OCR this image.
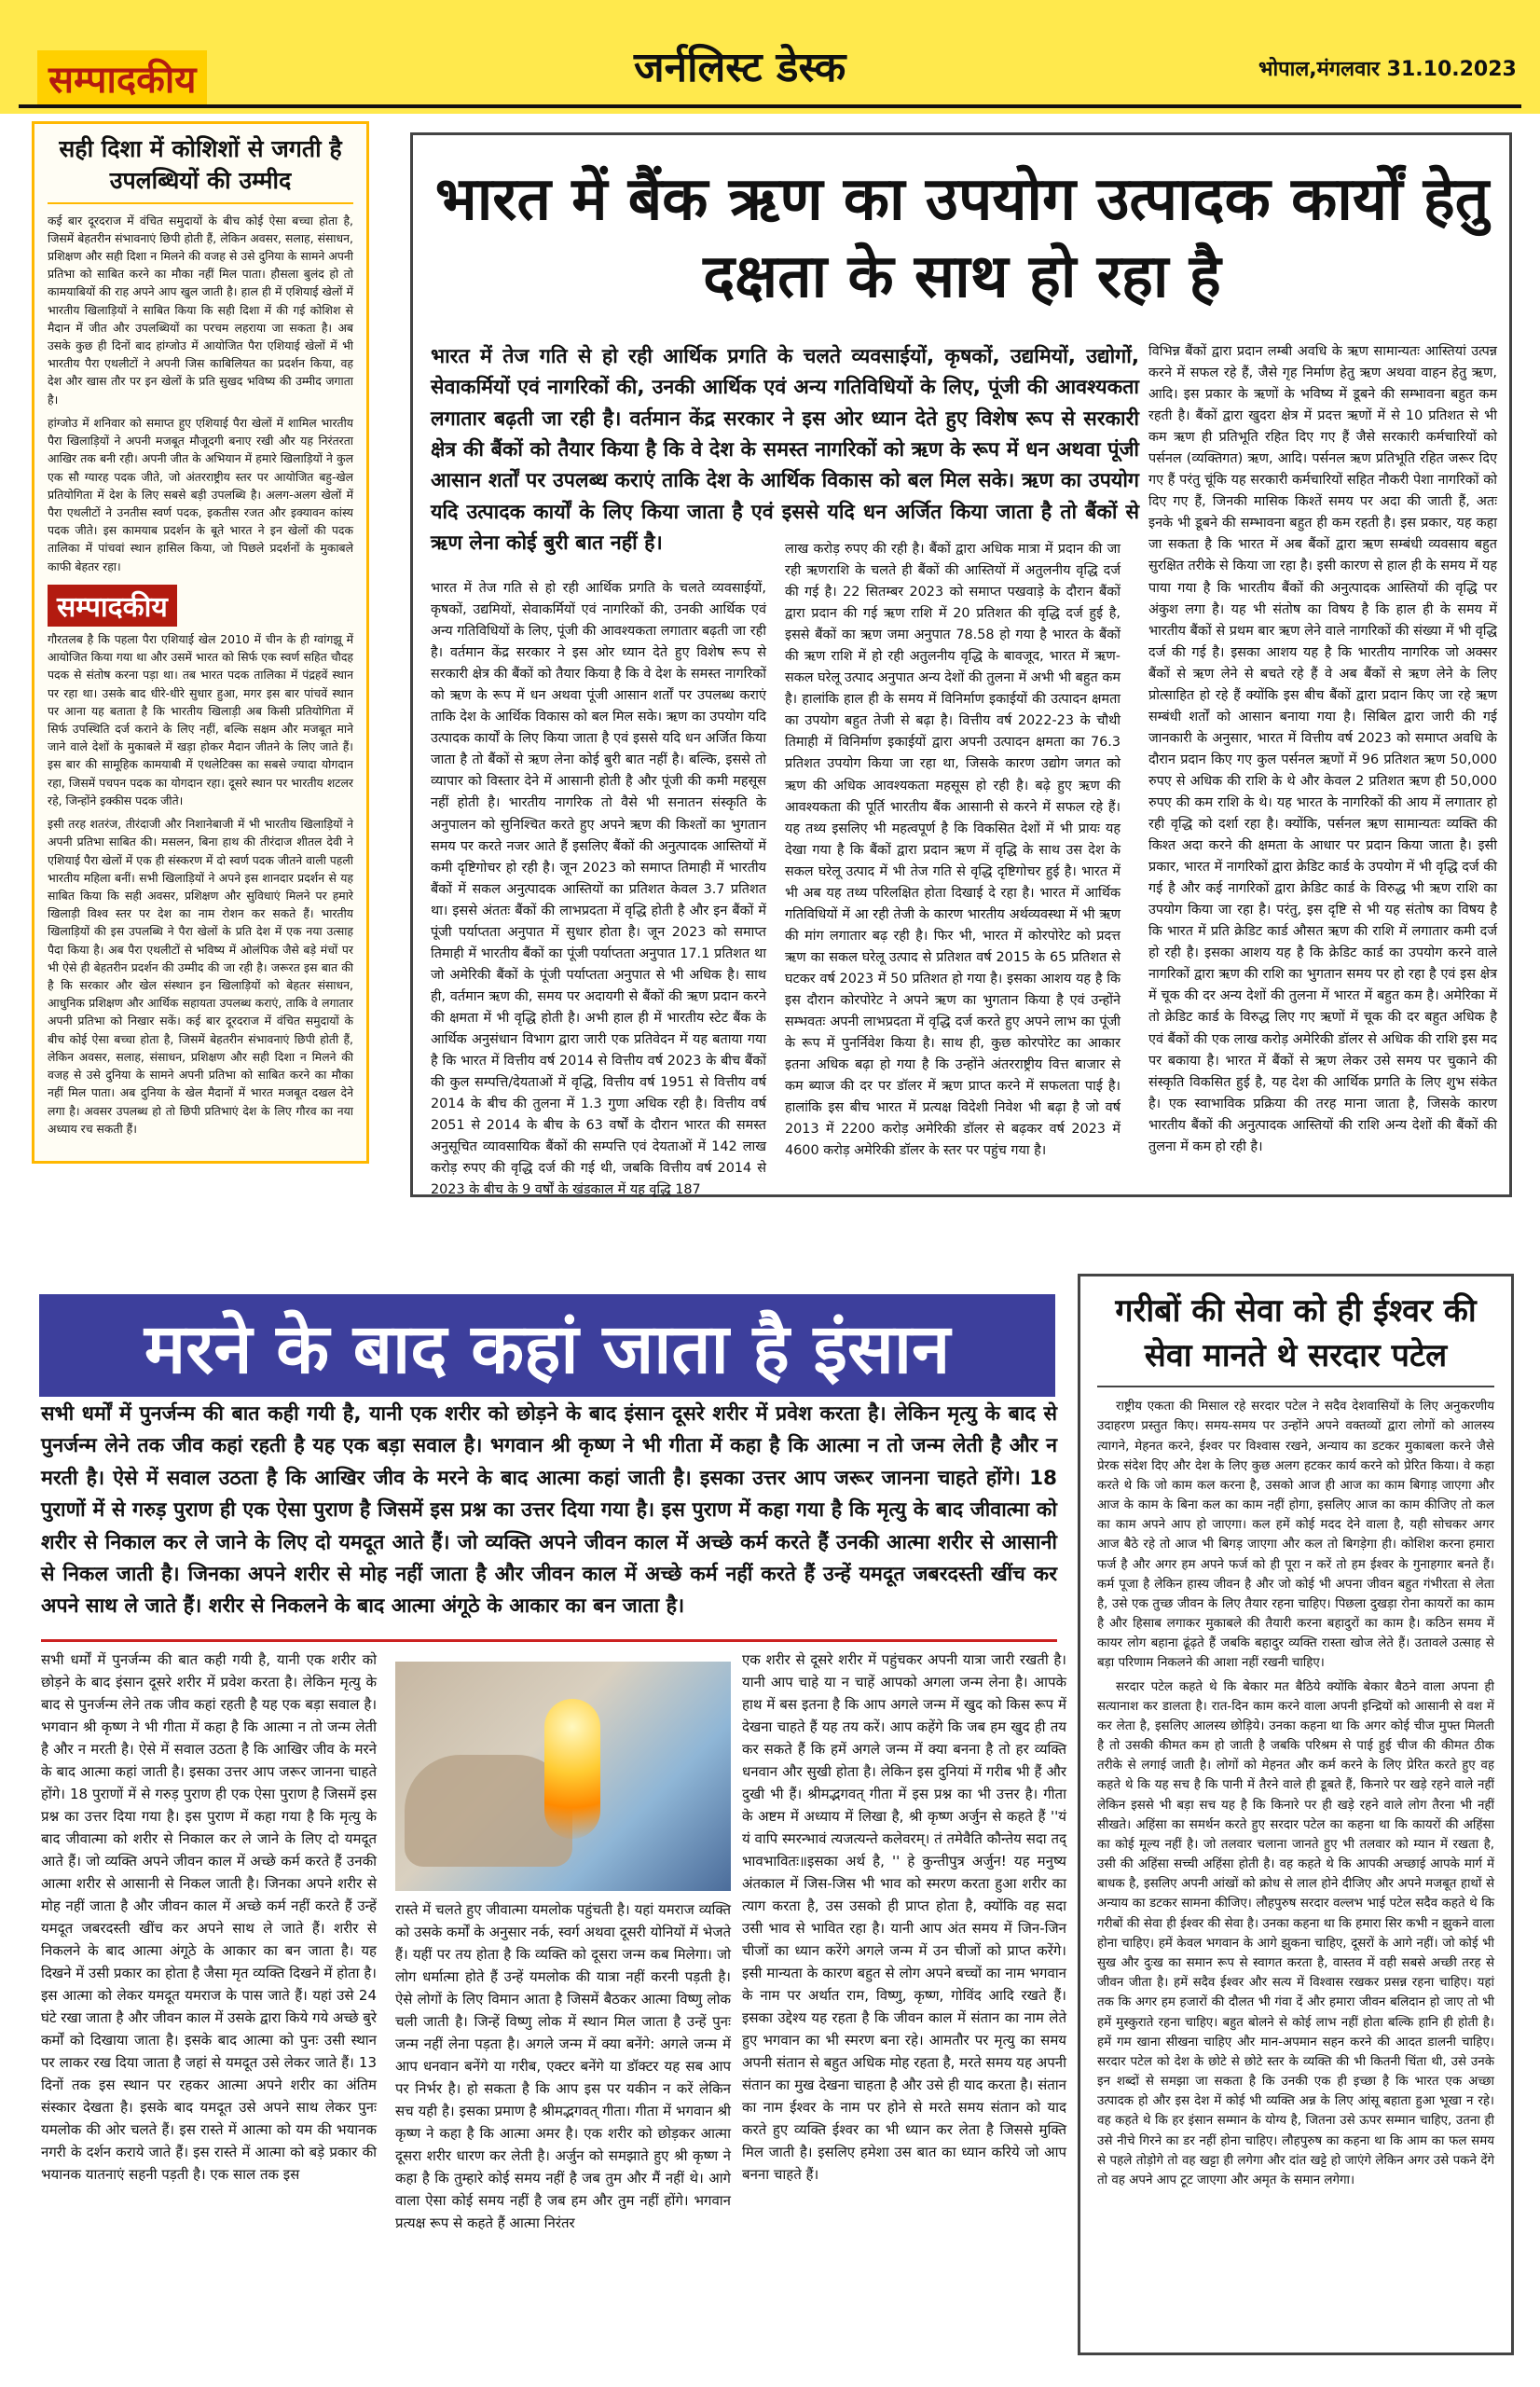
सम्पादकीय	जर्नलिस्ट डेस्क	भोपाल,मंगलवार 31.10.2023
सही दिशा में कोशिशों से जगती है उपलब्धियों की उम्मीद

कई बार दूरदराज में वंचित समुदायों के बीच कोई ऐसा बच्चा होता है, जिसमें बेहतरीन संभावनाएं छिपी होती हैं, लेकिन अवसर, सलाह, संसाधन, प्रशिक्षण और सही दिशा न मिलने की वजह से उसे दुनिया के सामने अपनी प्रतिभा को साबित करने का मौका नहीं मिल पाता। हौसला बुलंद हो तो कामयाबियों की राह अपने आप खुल जाती है। हाल ही में एशियाई खेलों में भारतीय खिलाड़ियों ने साबित किया कि सही दिशा में की गई कोशिश से मैदान में जीत और उपलब्धियों का परचम लहराया जा सकता है। अब उसके कुछ ही दिनों बाद हांग्जोउ में आयोजित पैरा एशियाई खेलों में भी भारतीय पैरा एथलीटों ने अपनी जिस काबिलियत का प्रदर्शन किया, वह देश और खास तौर पर इन खेलों के प्रति सुखद भविष्य की उम्मीद जगाता है।

हांग्जोउ में शनिवार को समाप्त हुए एशियाई पैरा खेलों में शामिल भारतीय पैरा खिलाड़ियों ने अपनी मजबूत मौजूदगी बनाए रखी और यह निरंतरता आखिर तक बनी रही। अपनी जीत के अभियान में हमारे खिलाड़ियों ने कुल एक सौ ग्यारह पदक जीते, जो अंतरराष्ट्रीय स्तर पर आयोजित बहु-खेल प्रतियोगिता में देश के लिए सबसे बड़ी उपलब्धि है। अलग-अलग खेलों में पैरा एथलीटों ने उनतीस स्वर्ण पदक, इकतीस रजत और इक्यावन कांस्य पदक जीते। इस कामयाब प्रदर्शन के बूते भारत ने इन खेलों की पदक तालिका में पांचवां स्थान हासिल किया, जो पिछले प्रदर्शनों के मुकाबले काफी बेहतर रहा।

सम्पादकीय

गौरतलब है कि पहला पैरा एशियाई खेल 2010 में चीन के ही ग्वांगझू में आयोजित किया गया था और उसमें भारत को सिर्फ एक स्वर्ण सहित चौदह पदक से संतोष करना पड़ा था। तब भारत पदक तालिका में पंद्रहवें स्थान पर रहा था। उसके बाद धीरे-धीरे सुधार हुआ, मगर इस बार पांचवें स्थान पर आना यह बताता है कि भारतीय खिलाड़ी अब किसी प्रतियोगिता में सिर्फ उपस्थिति दर्ज कराने के लिए नहीं, बल्कि सक्षम और मजबूत माने जाने वाले देशों के मुकाबले में खड़ा होकर मैदान जीतने के लिए जाते हैं। इस बार की सामूहिक कामयाबी में एथलेटिक्स का सबसे ज्यादा योगदान रहा, जिसमें पचपन पदक का योगदान रहा। दूसरे स्थान पर भारतीय शटलर रहे, जिन्होंने इक्कीस पदक जीते।

इसी तरह शतरंज, तीरंदाजी और निशानेबाजी में भी भारतीय खिलाड़ियों ने अपनी प्रतिभा साबित की। मसलन, बिना हाथ की तीरंदाज शीतल देवी ने एशियाई पैरा खेलों में एक ही संस्करण में दो स्वर्ण पदक जीतने वाली पहली भारतीय महिला बनीं। सभी खिलाड़ियों ने अपने इस शानदार प्रदर्शन से यह साबित किया कि सही अवसर, प्रशिक्षण और सुविधाएं मिलने पर हमारे खिलाड़ी विश्व स्तर पर देश का नाम रोशन कर सकते हैं। भारतीय खिलाड़ियों की इस उपलब्धि ने पैरा खेलों के प्रति देश में एक नया उत्साह पैदा किया है। अब पैरा एथलीटों से भविष्य में ओलंपिक जैसे बड़े मंचों पर भी ऐसे ही बेहतरीन प्रदर्शन की उम्मीद की जा रही है। जरूरत इस बात की है कि सरकार और खेल संस्थान इन खिलाड़ियों को बेहतर संसाधन, आधुनिक प्रशिक्षण और आर्थिक सहायता उपलब्ध कराएं, ताकि वे लगातार अपनी प्रतिभा को निखार सकें। कई बार दूरदराज में वंचित समुदायों के बीच कोई ऐसा बच्चा होता है, जिसमें बेहतरीन संभावनाएं छिपी होती हैं, लेकिन अवसर, सलाह, संसाधन, प्रशिक्षण और सही दिशा न मिलने की वजह से उसे दुनिया के सामने अपनी प्रतिभा को साबित करने का मौका नहीं मिल पाता। अब दुनिया के खेल मैदानों में भारत मजबूत दखल देने लगा है। अवसर उपलब्ध हो तो छिपी प्रतिभाएं देश के लिए गौरव का नया अध्याय रच सकती हैं।

भारत में बैंक ऋण का उपयोग उत्पादक कार्यों हेतु दक्षता के साथ हो रहा है
भारत में तेज गति से हो रही आर्थिक प्रगति के चलते व्यवसाईयों, कृषकों, उद्यमियों, उद्योगों, सेवाकर्मियों एवं नागरिकों की, उनकी आर्थिक एवं अन्य गतिविधियों के लिए, पूंजी की आवश्यकता लगातार बढ़ती जा रही है। वर्तमान केंद्र सरकार ने इस ओर ध्यान देते हुए विशेष रूप से सरकारी क्षेत्र की बैंकों को तैयार किया है कि वे देश के समस्त नागरिकों को ऋण के रूप में धन अथवा पूंजी आसान शर्तों पर उपलब्ध कराएं ताकि देश के आर्थिक विकास को बल मिल सके। ऋण का उपयोग यदि उत्पादक कार्यों के लिए किया जाता है एवं इससे यदि धन अर्जित किया जाता है तो बैंकों से ऋण लेना कोई बुरी बात नहीं है।
भारत में तेज गति से हो रही आर्थिक प्रगति के चलते व्यवसाईयों, कृषकों, उद्यमियों, सेवाकर्मियों एवं नागरिकों की, उनकी आर्थिक एवं अन्य गतिविधियों के लिए, पूंजी की आवश्यकता लगातार बढ़ती जा रही है। वर्तमान केंद्र सरकार ने इस ओर ध्यान देते हुए विशेष रूप से सरकारी क्षेत्र की बैंकों को तैयार किया है कि वे देश के समस्त नागरिकों को ऋण के रूप में धन अथवा पूंजी आसान शर्तों पर उपलब्ध कराएं ताकि देश के आर्थिक विकास को बल मिल सके। ऋण का उपयोग यदि उत्पादक कार्यों के लिए किया जाता है एवं इससे यदि धन अर्जित किया जाता है तो बैंकों से ऋण लेना कोई बुरी बात नहीं है। बल्कि, इससे तो व्यापार को विस्तार देने में आसानी होती है और पूंजी की कमी महसूस नहीं होती है। भारतीय नागरिक तो वैसे भी सनातन संस्कृति के अनुपालन को सुनिश्चित करते हुए अपने ऋण की किश्तों का भुगतान समय पर करते नजर आते हैं इसलिए बैंकों की अनुत्पादक आस्तियों में कमी दृष्टिगोचर हो रही है। जून 2023 को समाप्त तिमाही में भारतीय बैंकों में सकल अनुत्पादक आस्तियों का प्रतिशत केवल 3.7 प्रतिशत था। इससे अंततः बैंकों की लाभप्रदता में वृद्धि होती है और इन बैंकों में पूंजी पर्याप्तता अनुपात में सुधार होता है। जून 2023 को समाप्त तिमाही में भारतीय बैंकों का पूंजी पर्याप्तता अनुपात 17.1 प्रतिशत था जो अमेरिकी बैंकों के पूंजी पर्याप्तता अनुपात से भी अधिक है। साथ ही, वर्तमान ऋण की, समय पर अदायगी से बैंकों की ऋण प्रदान करने की क्षमता में भी वृद्धि होती है। अभी हाल ही में भारतीय स्टेट बैंक के आर्थिक अनुसंधान विभाग द्वारा जारी एक प्रतिवेदन में यह बताया गया है कि भारत में वित्तीय वर्ष 2014 से वित्तीय वर्ष 2023 के बीच बैंकों की कुल सम्पत्ति/देयताओं में वृद्धि, वित्तीय वर्ष 1951 से वित्तीय वर्ष 2014 के बीच की तुलना में 1.3 गुणा अधिक रही है। वित्तीय वर्ष 2051 से 2014 के बीच के 63 वर्षों के दौरान भारत की समस्त अनुसूचित व्यावसायिक बैंकों की सम्पत्ति एवं देयताओं में 142 लाख करोड़ रुपए की वृद्धि दर्ज की गई थी, जबकि वित्तीय वर्ष 2014 से 2023 के बीच के 9 वर्षों के खंडकाल में यह वृद्धि 187
लाख करोड़ रुपए की रही है। बैंकों द्वारा अधिक मात्रा में प्रदान की जा रही ऋणराशि के चलते ही बैंकों की आस्तियों में अतुलनीय वृद्धि दर्ज की गई है। 22 सितम्बर 2023 को समाप्त पखवाड़े के दौरान बैंकों द्वारा प्रदान की गई ऋण राशि में 20 प्रतिशत की वृद्धि दर्ज हुई है, इससे बैंकों का ऋण जमा अनुपात 78.58 हो गया है भारत के बैंकों की ऋण राशि में हो रही अतुलनीय वृद्धि के बावजूद, भारत में ऋण-सकल घरेलू उत्पाद अनुपात अन्य देशों की तुलना में अभी भी बहुत कम है। हालांकि हाल ही के समय में विनिर्माण इकाईयों की उत्पादन क्षमता का उपयोग बहुत तेजी से बढ़ा है। वित्तीय वर्ष 2022-23 के चौथी तिमाही में विनिर्माण इकाईयों द्वारा अपनी उत्पादन क्षमता का 76.3 प्रतिशत उपयोग किया जा रहा था, जिसके कारण उद्योग जगत को ऋण की अधिक आवश्यकता महसूस हो रही है। बढ़े हुए ऋण की आवश्यकता की पूर्ति भारतीय बैंक आसानी से करने में सफल रहे हैं। यह तथ्य इसलिए भी महत्वपूर्ण है कि विकसित देशों में भी प्रायः यह देखा गया है कि बैंकों द्वारा प्रदान ऋण में वृद्धि के साथ उस देश के सकल घरेलू उत्पाद में भी तेज गति से वृद्धि दृष्टिगोचर हुई है। भारत में भी अब यह तथ्य परिलक्षित होता दिखाई दे रहा है। भारत में आर्थिक गतिविधियों में आ रही तेजी के कारण भारतीय अर्थव्यवस्था में भी ऋण की मांग लगातार बढ़ रही है। फिर भी, भारत में कोरपोरेट को प्रदत्त ऋण का सकल घरेलू उत्पाद से प्रतिशत वर्ष 2015 के 65 प्रतिशत से घटकर वर्ष 2023 में 50 प्रतिशत हो गया है। इसका आशय यह है कि इस दौरान कोरपोरेट ने अपने ऋण का भुगतान किया है एवं उन्होंने सम्भवतः अपनी लाभप्रदता में वृद्धि दर्ज करते हुए अपने लाभ का पूंजी के रूप में पुनर्निवेश किया है। साथ ही, कुछ कोरपोरेट का आकार इतना अधिक बढ़ा हो गया है कि उन्होंने अंतरराष्ट्रीय वित्त बाजार से कम ब्याज की दर पर डॉलर में ऋण प्राप्त करने में सफलता पाई है। हालांकि इस बीच भारत में प्रत्यक्ष विदेशी निवेश भी बढ़ा है जो वर्ष 2013 में 2200 करोड़ अमेरिकी डॉलर से बढ़कर वर्ष 2023 में 4600 करोड़ अमेरिकी डॉलर के स्तर पर पहुंच गया है।
विभिन्न बैंकों द्वारा प्रदान लम्बी अवधि के ऋण सामान्यतः आस्तियां उत्पन्न करने में सफल रहे हैं, जैसे गृह निर्माण हेतु ऋण अथवा वाहन हेतु ऋण, आदि। इस प्रकार के ऋणों के भविष्य में डूबने की सम्भावना बहुत कम रहती है। बैंकों द्वारा खुदरा क्षेत्र में प्रदत्त ऋणों में से 10 प्रतिशत से भी कम ऋण ही प्रतिभूति रहित दिए गए हैं जैसे सरकारी कर्मचारियों को पर्सनल (व्यक्तिगत) ऋण, आदि। पर्सनल ऋण प्रतिभूति रहित जरूर दिए गए हैं परंतु चूंकि यह सरकारी कर्मचारियों सहित नौकरी पेशा नागरिकों को दिए गए हैं, जिनकी मासिक किश्तें समय पर अदा की जाती हैं, अतः इनके भी डूबने की सम्भावना बहुत ही कम रहती है। इस प्रकार, यह कहा जा सकता है कि भारत में अब बैंकों द्वारा ऋण सम्बंधी व्यवसाय बहुत सुरक्षित तरीके से किया जा रहा है। इसी कारण से हाल ही के समय में यह पाया गया है कि भारतीय बैंकों की अनुत्पादक आस्तियों की वृद्धि पर अंकुश लगा है। यह भी संतोष का विषय है कि हाल ही के समय में भारतीय बैंकों से प्रथम बार ऋण लेने वाले नागरिकों की संख्या में भी वृद्धि दर्ज की गई है। इसका आशय यह है कि भारतीय नागरिक जो अक्सर बैंकों से ऋण लेने से बचते रहे हैं वे अब बैंकों से ऋण लेने के लिए प्रोत्साहित हो रहे हैं क्योंकि इस बीच बैंकों द्वारा प्रदान किए जा रहे ऋण सम्बंधी शर्तों को आसान बनाया गया है। सिबिल द्वारा जारी की गई जानकारी के अनुसार, भारत में वित्तीय वर्ष 2023 को समाप्त अवधि के दौरान प्रदान किए गए कुल पर्सनल ऋणों में 96 प्रतिशत ऋण 50,000 रुपए से अधिक की राशि के थे और केवल 2 प्रतिशत ऋण ही 50,000 रुपए की कम राशि के थे। यह भारत के नागरिकों की आय में लगातार हो रही वृद्धि को दर्शा रहा है। क्योंकि, पर्सनल ऋण सामान्यतः व्यक्ति की किश्त अदा करने की क्षमता के आधार पर प्रदान किया जाता है। इसी प्रकार, भारत में नागरिकों द्वारा क्रेडिट कार्ड के उपयोग में भी वृद्धि दर्ज की गई है और कई नागरिकों द्वारा क्रेडिट कार्ड के विरुद्ध भी ऋण राशि का उपयोग किया जा रहा है। परंतु, इस दृष्टि से भी यह संतोष का विषय है कि भारत में प्रति क्रेडिट कार्ड औसत ऋण की राशि में लगातार कमी दर्ज हो रही है। इसका आशय यह है कि क्रेडिट कार्ड का उपयोग करने वाले नागरिकों द्वारा ऋण की राशि का भुगतान समय पर हो रहा है एवं इस क्षेत्र में चूक की दर अन्य देशों की तुलना में भारत में बहुत कम है। अमेरिका में तो क्रेडिट कार्ड के विरुद्ध लिए गए ऋणों में चूक की दर बहुत अधिक है एवं बैंकों की एक लाख करोड़ अमेरिकी डॉलर से अधिक की राशि इस मद पर बकाया है। भारत में बैंकों से ऋण लेकर उसे समय पर चुकाने की संस्कृति विकसित हुई है, यह देश की आर्थिक प्रगति के लिए शुभ संकेत है। एक स्वाभाविक प्रक्रिया की तरह माना जाता है, जिसके कारण भारतीय बैंकों की अनुत्पादक आस्तियों की राशि अन्य देशों की बैंकों की तुलना में कम हो रही है।
मरने के बाद कहां जाता है इंसान
सभी धर्मों में पुनर्जन्म की बात कही गयी है, यानी एक शरीर को छोड़ने के बाद इंसान दूसरे शरीर में प्रवेश करता है। लेकिन मृत्यु के बाद से पुनर्जन्म लेने तक जीव कहां रहती है यह एक बड़ा सवाल है। भगवान श्री कृष्ण ने भी गीता में कहा है कि आत्मा न तो जन्म लेती है और न मरती है। ऐसे में सवाल उठता है कि आखिर जीव के मरने के बाद आत्मा कहां जाती है। इसका उत्तर आप जरूर जानना चाहते होंगे। 18 पुराणों में से गरुड़ पुराण ही एक ऐसा पुराण है जिसमें इस प्रश्न का उत्तर दिया गया है। इस पुराण में कहा गया है कि मृत्यु के बाद जीवात्मा को शरीर से निकाल कर ले जाने के लिए दो यमदूत आते हैं। जो व्यक्ति अपने जीवन काल में अच्छे कर्म करते हैं उनकी आत्मा शरीर से आसानी से निकल जाती है। जिनका अपने शरीर से मोह नहीं जाता है और जीवन काल में अच्छे कर्म नहीं करते हैं उन्हें यमदूत जबरदस्ती खींच कर अपने साथ ले जाते हैं। शरीर से निकलने के बाद आत्मा अंगूठे के आकार का बन जाता है।
सभी धर्मों में पुनर्जन्म की बात कही गयी है, यानी एक शरीर को छोड़ने के बाद इंसान दूसरे शरीर में प्रवेश करता है। लेकिन मृत्यु के बाद से पुनर्जन्म लेने तक जीव कहां रहती है यह एक बड़ा सवाल है। भगवान श्री कृष्ण ने भी गीता में कहा है कि आत्मा न तो जन्म लेती है और न मरती है। ऐसे में सवाल उठता है कि आखिर जीव के मरने के बाद आत्मा कहां जाती है। इसका उत्तर आप जरूर जानना चाहते होंगे। 18 पुराणों में से गरुड़ पुराण ही एक ऐसा पुराण है जिसमें इस प्रश्न का उत्तर दिया गया है। इस पुराण में कहा गया है कि मृत्यु के बाद जीवात्मा को शरीर से निकाल कर ले जाने के लिए दो यमदूत आते हैं। जो व्यक्ति अपने जीवन काल में अच्छे कर्म करते हैं उनकी आत्मा शरीर से आसानी से निकल जाती है। जिनका अपने शरीर से मोह नहीं जाता है और जीवन काल में अच्छे कर्म नहीं करते हैं उन्हें यमदूत जबरदस्ती खींच कर अपने साथ ले जाते हैं। शरीर से निकलने के बाद आत्मा अंगूठे के आकार का बन जाता है। यह दिखने में उसी प्रकार का होता है जैसा मृत व्यक्ति दिखने में होता है। इस आत्मा को लेकर यमदूत यमराज के पास जाते हैं। यहां उसे 24 घंटे रखा जाता है और जीवन काल में उसके द्वारा किये गये अच्छे बुरे कर्मों को दिखाया जाता है। इसके बाद आत्मा को पुनः उसी स्थान पर लाकर रख दिया जाता है जहां से यमदूत उसे लेकर जाते हैं। 13 दिनों तक इस स्थान पर रहकर आत्मा अपने शरीर का अंतिम संस्कार देखता है। इसके बाद यमदूत उसे अपने साथ लेकर पुनः यमलोक की ओर चलते हैं। इस रास्ते में आत्मा को यम की भयानक नगरी के दर्शन कराये जाते हैं। इस रास्ते में आत्मा को बड़े प्रकार की भयानक यातनाएं सहनी पड़ती है। एक साल तक इस
रास्ते में चलते हुए जीवात्मा यमलोक पहुंचती है। यहां यमराज व्यक्ति को उसके कर्मों के अनुसार नर्क, स्वर्ग अथवा दूसरी योनियों में भेजते हैं। यहीं पर तय होता है कि व्यक्ति को दूसरा जन्म कब मिलेगा। जो लोग धर्मात्मा होते हैं उन्हें यमलोक की यात्रा नहीं करनी पड़ती है। ऐसे लोगों के लिए विमान आता है जिसमें बैठकर आत्मा विष्णु लोक चली जाती है। जिन्हें विष्णु लोक में स्थान मिल जाता है उन्हें पुनः जन्म नहीं लेना पड़ता है। अगले जन्म में क्या बनेंगे: अगले जन्म में आप धनवान बनेंगे या गरीब, एक्टर बनेंगे या डॉक्टर यह सब आप पर निर्भर है। हो सकता है कि आप इस पर यकीन न करें लेकिन सच यही है। इसका प्रमाण है श्रीमद्भगवत् गीता। गीता में भगवान श्री कृष्ण ने कहा है कि आत्मा अमर है। एक शरीर को छोड़कर आत्मा दूसरा शरीर धारण कर लेती है। अर्जुन को समझाते हुए श्री कृष्ण ने कहा है कि तुम्हारे कोई समय नहीं है जब तुम और मैं नहीं थे। आगे वाला ऐसा कोई समय नहीं है जब हम और तुम नहीं होंगे। भगवान प्रत्यक्ष रूप से कहते हैं आत्मा निरंतर
एक शरीर से दूसरे शरीर में पहुंचकर अपनी यात्रा जारी रखती है। यानी आप चाहे या न चाहें आपको अगला जन्म लेना है। आपके हाथ में बस इतना है कि आप अगले जन्म में खुद को किस रूप में देखना चाहते हैं यह तय करें। आप कहेंगे कि जब हम खुद ही तय कर सकते हैं कि हमें अगले जन्म में क्या बनना है तो हर व्यक्ति धनवान और सुखी होता है। लेकिन इस दुनियां में गरीब भी हैं और दुखी भी हैं। श्रीमद्भगवत् गीता में इस प्रश्न का भी उत्तर है। गीता के अष्टम में अध्याय में लिखा है, श्री कृष्ण अर्जुन से कहते हैं ''यं यं वापि स्मरन्भावं त्यजत्यन्ते कलेवरम्। तं तमेवैति कौन्तेय सदा तद् भावभावितः॥इसका अर्थ है, '' हे कुन्तीपुत्र अर्जुन! यह मनुष्य अंतकाल में जिस-जिस भी भाव को स्मरण करता हुआ शरीर का त्याग करता है, उस उसको ही प्राप्त होता है, क्योंकि वह सदा उसी भाव से भावित रहा है। यानी आप अंत समय में जिन-जिन चीजों का ध्यान करेंगे अगले जन्म में उन चीजों को प्राप्त करेंगे। इसी मान्यता के कारण बहुत से लोग अपने बच्चों का नाम भगवान के नाम पर अर्थात राम, विष्णु, कृष्ण, गोविंद आदि रखते हैं। इसका उद्देश्य यह रहता है कि जीवन काल में संतान का नाम लेते हुए भगवान का भी स्मरण बना रहे। आमतौर पर मृत्यु का समय अपनी संतान से बहुत अधिक मोह रहता है, मरते समय यह अपनी संतान का मुख देखना चाहता है और उसे ही याद करता है। संतान का नाम ईश्वर के नाम पर होने से मरते समय संतान को याद करते हुए व्यक्ति ईश्वर का भी ध्यान कर लेता है जिससे मुक्ति मिल जाती है। इसलिए हमेशा उस बात का ध्यान करिये जो आप बनना चाहते हैं।
गरीबों की सेवा को ही ईश्वर की सेवा मानते थे सरदार पटेल

राष्ट्रीय एकता की मिसाल रहे सरदार पटेल ने सदैव देशवासियों के लिए अनुकरणीय उदाहरण प्रस्तुत किए। समय-समय पर उन्होंने अपने वक्तव्यों द्वारा लोगों को आलस्य त्यागने, मेहनत करने, ईश्वर पर विश्वास रखने, अन्याय का डटकर मुकाबला करने जैसे प्रेरक संदेश दिए और देश के लिए कुछ अलग हटकर कार्य करने को प्रेरित किया। वे कहा करते थे कि जो काम कल करना है, उसको आज ही आज का काम बिगाड़ जाएगा और आज के काम के बिना कल का काम नहीं होगा, इसलिए आज का काम कीजिए तो कल का काम अपने आप हो जाएगा। कल हमें कोई मदद देने वाला है, यही सोचकर अगर आज बैठे रहे तो आज भी बिगड़ जाएगा और कल तो बिगड़ेगा ही। कोशिश करना हमारा फर्ज है और अगर हम अपने फर्ज को ही पूरा न करें तो हम ईश्वर के गुनाहगार बनते हैं। कर्म पूजा है लेकिन हास्य जीवन है और जो कोई भी अपना जीवन बहुत गंभीरता से लेता है, उसे एक तुच्छ जीवन के लिए तैयार रहना चाहिए। पिछला दुखड़ा रोना कायरों का काम है और हिसाब लगाकर मुकाबले की तैयारी करना बहादुरों का काम है। कठिन समय में कायर लोग बहाना ढूंढ़ते हैं जबकि बहादुर व्यक्ति रास्ता खोज लेते हैं। उतावले उत्साह से बड़ा परिणाम निकलने की आशा नहीं रखनी चाहिए।

सरदार पटेल कहते थे कि बेकार मत बैठिये क्योंकि बेकार बैठने वाला अपना ही सत्यानाश कर डालता है। रात-दिन काम करने वाला अपनी इन्द्रियों को आसानी से वश में कर लेता है, इसलिए आलस्य छोड़िये। उनका कहना था कि अगर कोई चीज मुफ्त मिलती है तो उसकी कीमत कम हो जाती है जबकि परिश्रम से पाई हुई चीज की कीमत ठीक तरीके से लगाई जाती है। लोगों को मेहनत और कर्म करने के लिए प्रेरित करते हुए वह कहते थे कि यह सच है कि पानी में तैरने वाले ही डूबते हैं, किनारे पर खड़े रहने वाले नहीं लेकिन इससे भी बड़ा सच यह है कि किनारे पर ही खड़े रहने वाले लोग तैरना भी नहीं सीखते। अहिंसा का समर्थन करते हुए सरदार पटेल का कहना था कि कायरों की अहिंसा का कोई मूल्य नहीं है। जो तलवार चलाना जानते हुए भी तलवार को म्यान में रखता है, उसी की अहिंसा सच्ची अहिंसा होती है। वह कहते थे कि आपकी अच्छाई आपके मार्ग में बाधक है, इसलिए अपनी आंखों को क्रोध से लाल होने दीजिए और अपने मजबूत हाथों से अन्याय का डटकर सामना कीजिए। लौहपुरुष सरदार वल्लभ भाई पटेल सदैव कहते थे कि गरीबों की सेवा ही ईश्वर की सेवा है। उनका कहना था कि हमारा सिर कभी न झुकने वाला होना चाहिए। हमें केवल भगवान के आगे झुकना चाहिए, दूसरों के आगे नहीं। जो कोई भी सुख और दुःख का समान रूप से स्वागत करता है, वास्तव में वही सबसे अच्छी तरह से जीवन जीता है। हमें सदैव ईश्वर और सत्य में विश्वास रखकर प्रसन्न रहना चाहिए। यहां तक कि अगर हम हजारों की दौलत भी गंवा दें और हमारा जीवन बलिदान हो जाए तो भी हमें मुस्कुराते रहना चाहिए। बहुत बोलने से कोई लाभ नहीं होता बल्कि हानि ही होती है। हमें गम खाना सीखना चाहिए और मान-अपमान सहन करने की आदत डालनी चाहिए। सरदार पटेल को देश के छोटे से छोटे स्तर के व्यक्ति की भी कितनी चिंता थी, उसे उनके इन शब्दों से समझा जा सकता है कि उनकी एक ही इच्छा है कि भारत एक अच्छा उत्पादक हो और इस देश में कोई भी व्यक्ति अन्न के लिए आंसू बहाता हुआ भूखा न रहे। वह कहते थे कि हर इंसान सम्मान के योग्य है, जितना उसे ऊपर सम्मान चाहिए, उतना ही उसे नीचे गिरने का डर नहीं होना चाहिए। लौहपुरुष का कहना था कि आम का फल समय से पहले तोड़ोगे तो वह खट्टा ही लगेगा और दांत खट्टे हो जाएंगे लेकिन अगर उसे पकने देंगे तो वह अपने आप टूट जाएगा और अमृत के समान लगेगा।
